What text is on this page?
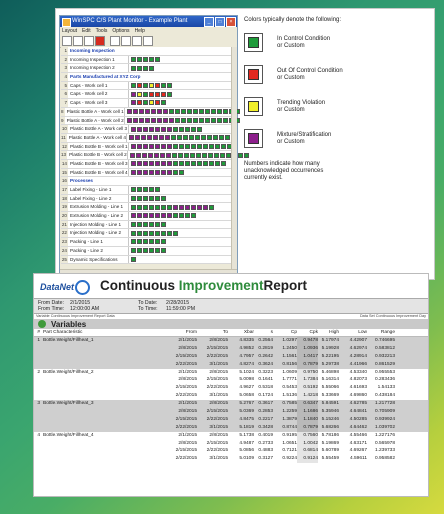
WinSPC C/S Plant Monitor - Example Plant	_	□	×
Layout Edit Tools Options Help
1 Incoming Inspection
2 Incoming Inspection 1
3 Incoming Inspection 2
4 Parts Manufactured at XYZ Corp
5 Caps - Work cell 1
6 Caps - Work cell 2
7 Caps - Work cell 3
8 Plastic Bottle A - Work cell 1
9 Plastic Bottle A - Work cell 2
10 Plastic Bottle A - Work cell 3
11 Plastic Bottle A - Work cell 4
12 Plastic Bottle B - Work cell 1
13 Plastic Bottle B - Work cell 2
14 Plastic Bottle B - Work cell 3
15 Plastic Bottle B - Work cell 4
16 Processes
17 Label Fixing - Line 1
18 Label Fixing - Line 2
19 Extrusion Molding - Line 1
20 Extrusion Molding - Line 2
21 Injection Molding - Line 1
22 Injection Molding - Line 2
23 Packing - Line 1
24 Packing - Line 2
25 Dynamic Specifications
Colors typically denote the following:
In Control Condition
or Custom
Out Of Control Condition
or Custom
Trending Violation
or Custom
Mixture/Stratification
or Custom
Numbers indicate how many
unacknowledged occurrences
currently exist.
DataNet	Continuous ImprovementReport
From Date: 2/1/2015	To Date: 2/28/2015
From Time: 12:00:00 AM	To Time: 11:59:00 PM
Variable Continuous Improvement Report Data	Data Set Continuous Improvement Day
Variables
# Part Characteristic	From	To	Xbar	s	Cp	Cpk	High	Low	Range
1 Bottle.Weight/Fillheat_1	2/1/2015	2/8/2015	4.8335 0.2564	1.0297	0.9478 5.17974	4.42907	0.746695
2/8/2015	2/15/2015	4.9852 0.2819	1.2450	1.0936 5.19928	4.62974	0.583812
2/15/2015	2/22/2015	4.7957 0.2642	1.1561	1.0417 5.22195	4.28914	0.932213
2/22/2015	3/1/2015	4.8274 0.3624	0.8156	0.7879 5.29738	4.41966	0.861529
2 Bottle.Weight/Fillheat_2	2/1/2015	2/8/2015	5.1024 0.3223	1.0609	0.9750 5.46898	4.53340	0.955553
2/8/2015	2/15/2015	5.0098 0.1641	1.7771	1.7384 5.16314	4.82073	0.283436
2/15/2015	2/22/2015	4.9627 0.5318	0.5453	0.5192 5.55066	4.61693	1.54133
2/22/2015	3/1/2015	5.0658 0.1724	1.5136	1.4218 5.33669	4.69860	0.438184
3 Bottle.Weight/Fillheat_3	2/1/2015	2/8/2015	5.2767 0.3617	0.7585	0.6347 5.84591	4.62785	1.217728
2/8/2015	2/15/2015	5.0369 0.2853	1.2259	1.1686 5.35946	4.64841	0.705909
2/15/2015	2/22/2015	4.8475 0.2217	1.3879	1.1840 5.15246	4.50285	0.939924
2/22/2015	3/1/2015	5.1819 0.3428	0.8744	0.7879 5.68266	4.64462	1.039702
4 Bottle.Weight/Fillheat_4	2/1/2015	2/8/2015	5.1738 0.4019	0.9195	0.7560 5.78186	4.55466	1.227176
2/8/2015	2/15/2015	4.9487 0.2733	1.0651	1.0042 5.19869	4.63171	0.565978
2/15/2015	2/22/2015	5.0856 0.4883	0.7121	0.6814 5.60789	4.69267	1.239733
2/22/2015	3/1/2015	5.0109 0.3127	0.9224	0.9124 5.55459	4.59611	0.958582
